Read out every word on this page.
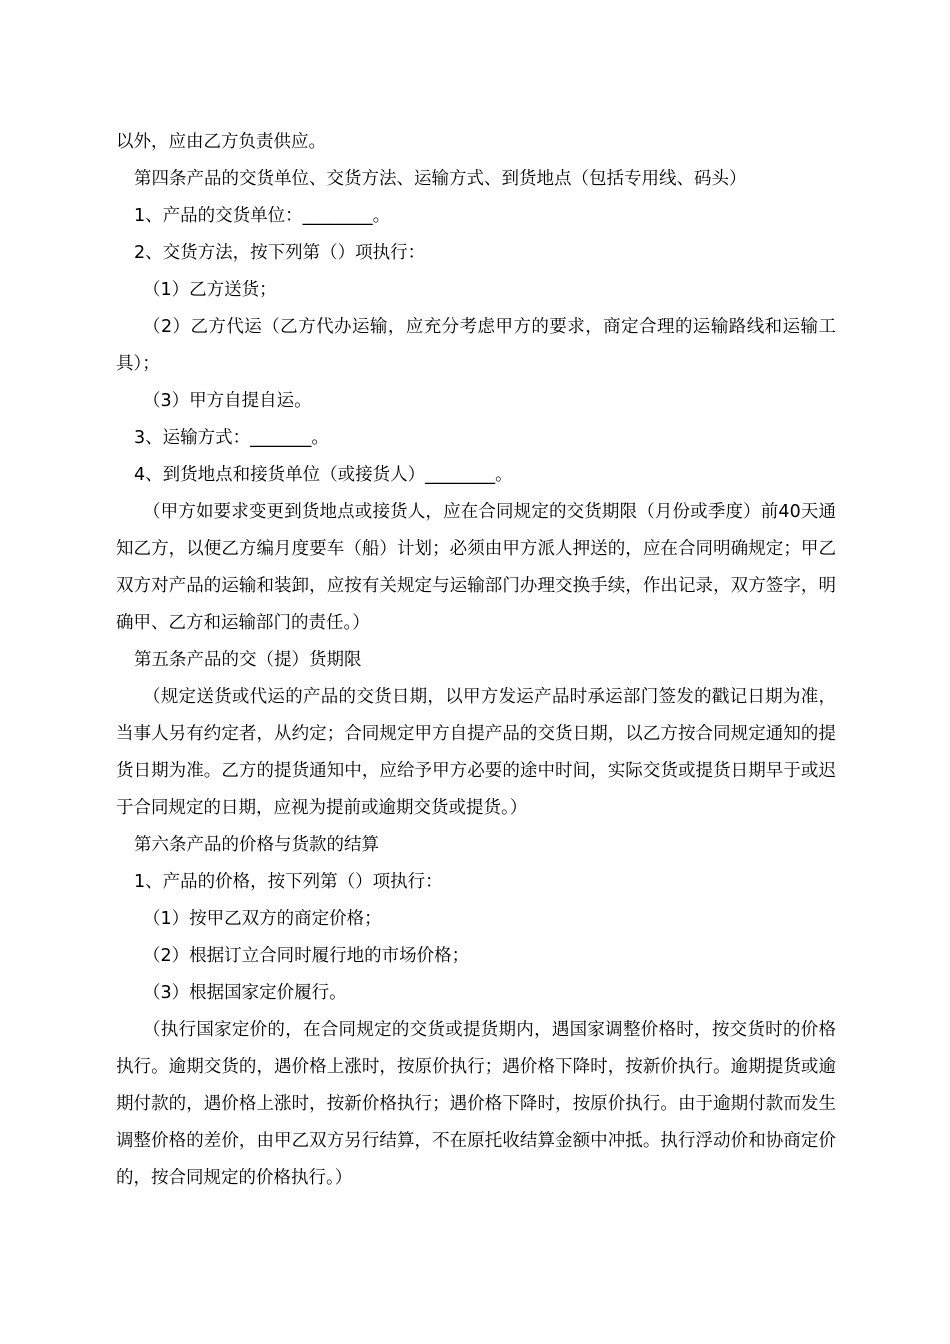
以外，应由乙方负责供应。

第四条产品的交货单位、交货方法、运输方式、到货地点（包括专用线、码头）

1、产品的交货单位：________。

2、交货方法，按下列第（）项执行：

（1）乙方送货；

（2）乙方代运（乙方代办运输，应充分考虑甲方的要求，商定合理的运输路线和运输工具）；

（3）甲方自提自运。

3、运输方式：_______。

4、到货地点和接货单位（或接货人）________。

（甲方如要求变更到货地点或接货人，应在合同规定的交货期限（月份或季度）前40天通知乙方，以便乙方编月度要车（船）计划；必须由甲方派人押送的，应在合同明确规定；甲乙双方对产品的运输和装卸，应按有关规定与运输部门办理交换手续，作出记录，双方签字，明确甲、乙方和运输部门的责任。）

第五条产品的交（提）货期限

（规定送货或代运的产品的交货日期，以甲方发运产品时承运部门签发的戳记日期为准，当事人另有约定者，从约定；合同规定甲方自提产品的交货日期，以乙方按合同规定通知的提货日期为准。乙方的提货通知中，应给予甲方必要的途中时间，实际交货或提货日期早于或迟于合同规定的日期，应视为提前或逾期交货或提货。）

第六条产品的价格与货款的结算

1、产品的价格，按下列第（）项执行：

（1）按甲乙双方的商定价格；

（2）根据订立合同时履行地的市场价格；

（3）根据国家定价履行。

（执行国家定价的，在合同规定的交货或提货期内，遇国家调整价格时，按交货时的价格执行。逾期交货的，遇价格上涨时，按原价执行；遇价格下降时，按新价执行。逾期提货或逾期付款的，遇价格上涨时，按新价格执行；遇价格下降时，按原价执行。由于逾期付款而发生调整价格的差价，由甲乙双方另行结算，不在原托收结算金额中冲抵。执行浮动价和协商定价的，按合同规定的价格执行。）
